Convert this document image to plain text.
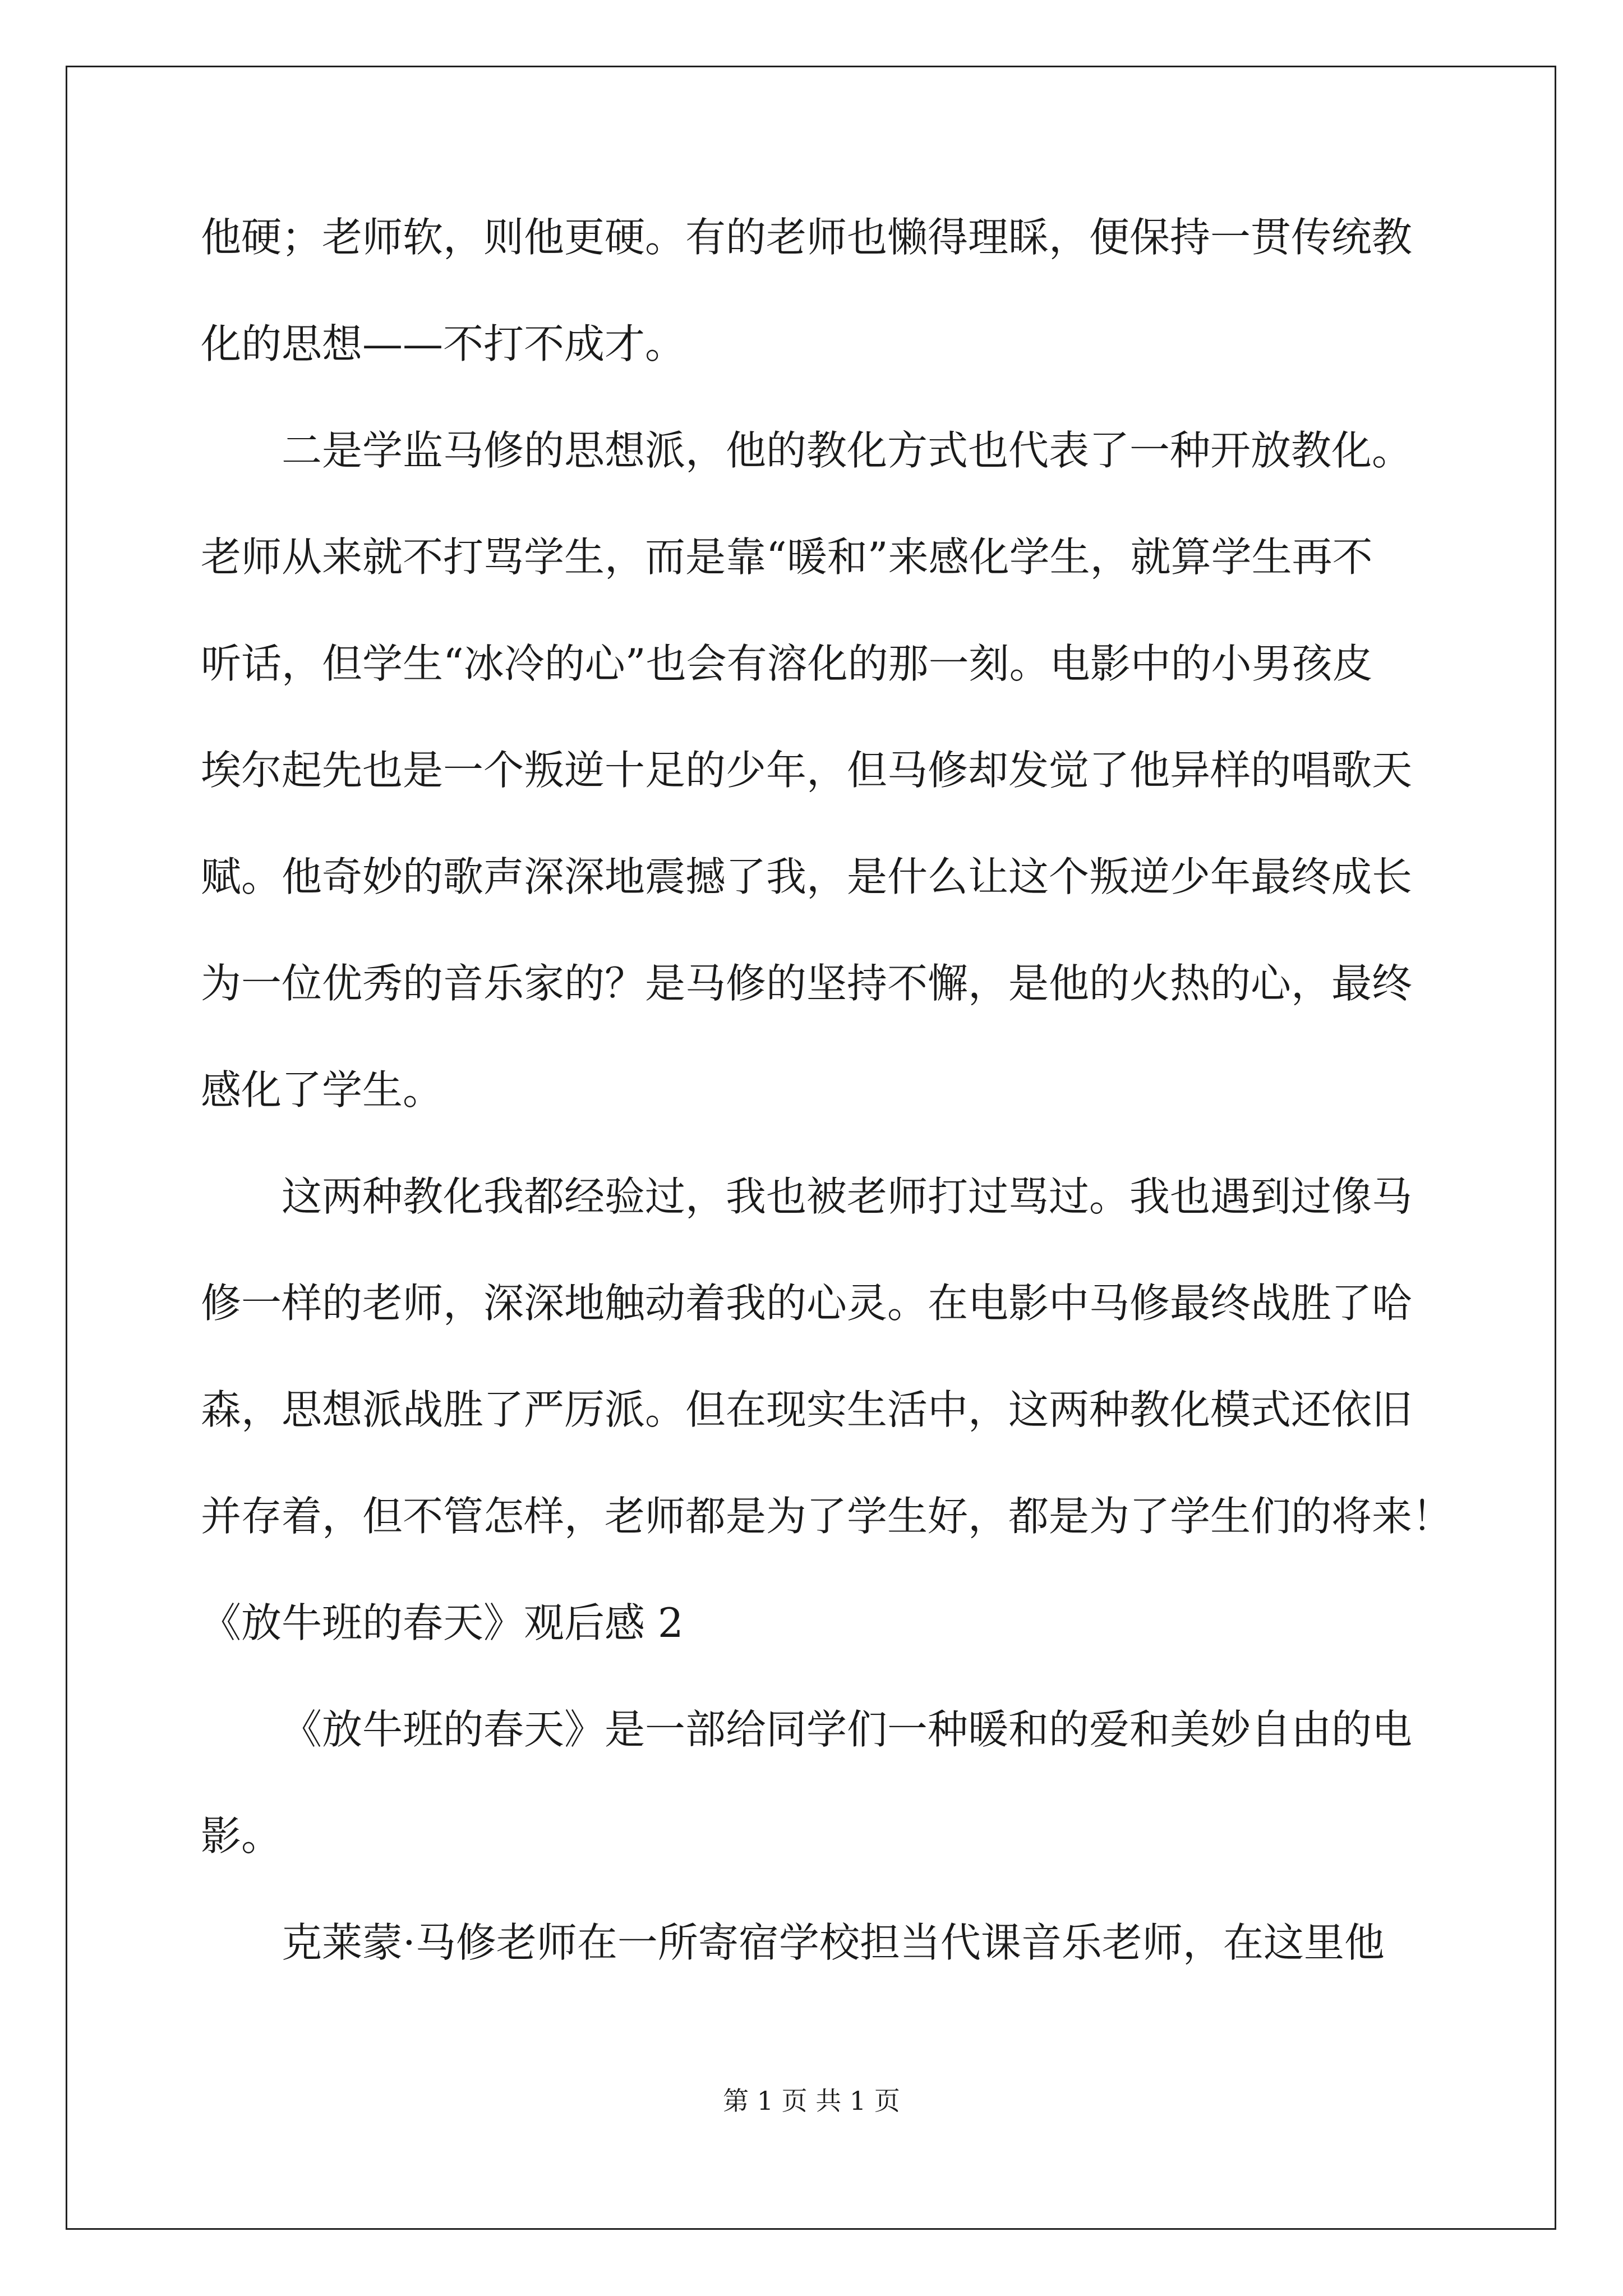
他硬；老师软，则他更硬。有的老师也懒得理睬，便保持一贯传统教
化的思想——不打不成才。
二是学监马修的思想派，他的教化方式也代表了一种开放教化。
老师从来就不打骂学生，而是靠“暖和”来感化学生，就算学生再不
听话，但学生“冰冷的心”也会有溶化的那一刻。电影中的小男孩皮
埃尔起先也是一个叛逆十足的少年，但马修却发觉了他异样的唱歌天
赋。他奇妙的歌声深深地震撼了我，是什么让这个叛逆少年最终成长
为一位优秀的音乐家的？是马修的坚持不懈，是他的火热的心，最终
感化了学生。
这两种教化我都经验过，我也被老师打过骂过。我也遇到过像马
修一样的老师，深深地触动着我的心灵。在电影中马修最终战胜了哈
森，思想派战胜了严厉派。但在现实生活中，这两种教化模式还依旧
并存着，但不管怎样，老师都是为了学生好，都是为了学生们的将来！
《放牛班的春天》观后感 2
《放牛班的春天》是一部给同学们一种暖和的爱和美妙自由的电
影。
克莱蒙·马修老师在一所寄宿学校担当代课音乐老师，在这里他
第 1 页 共 1 页
